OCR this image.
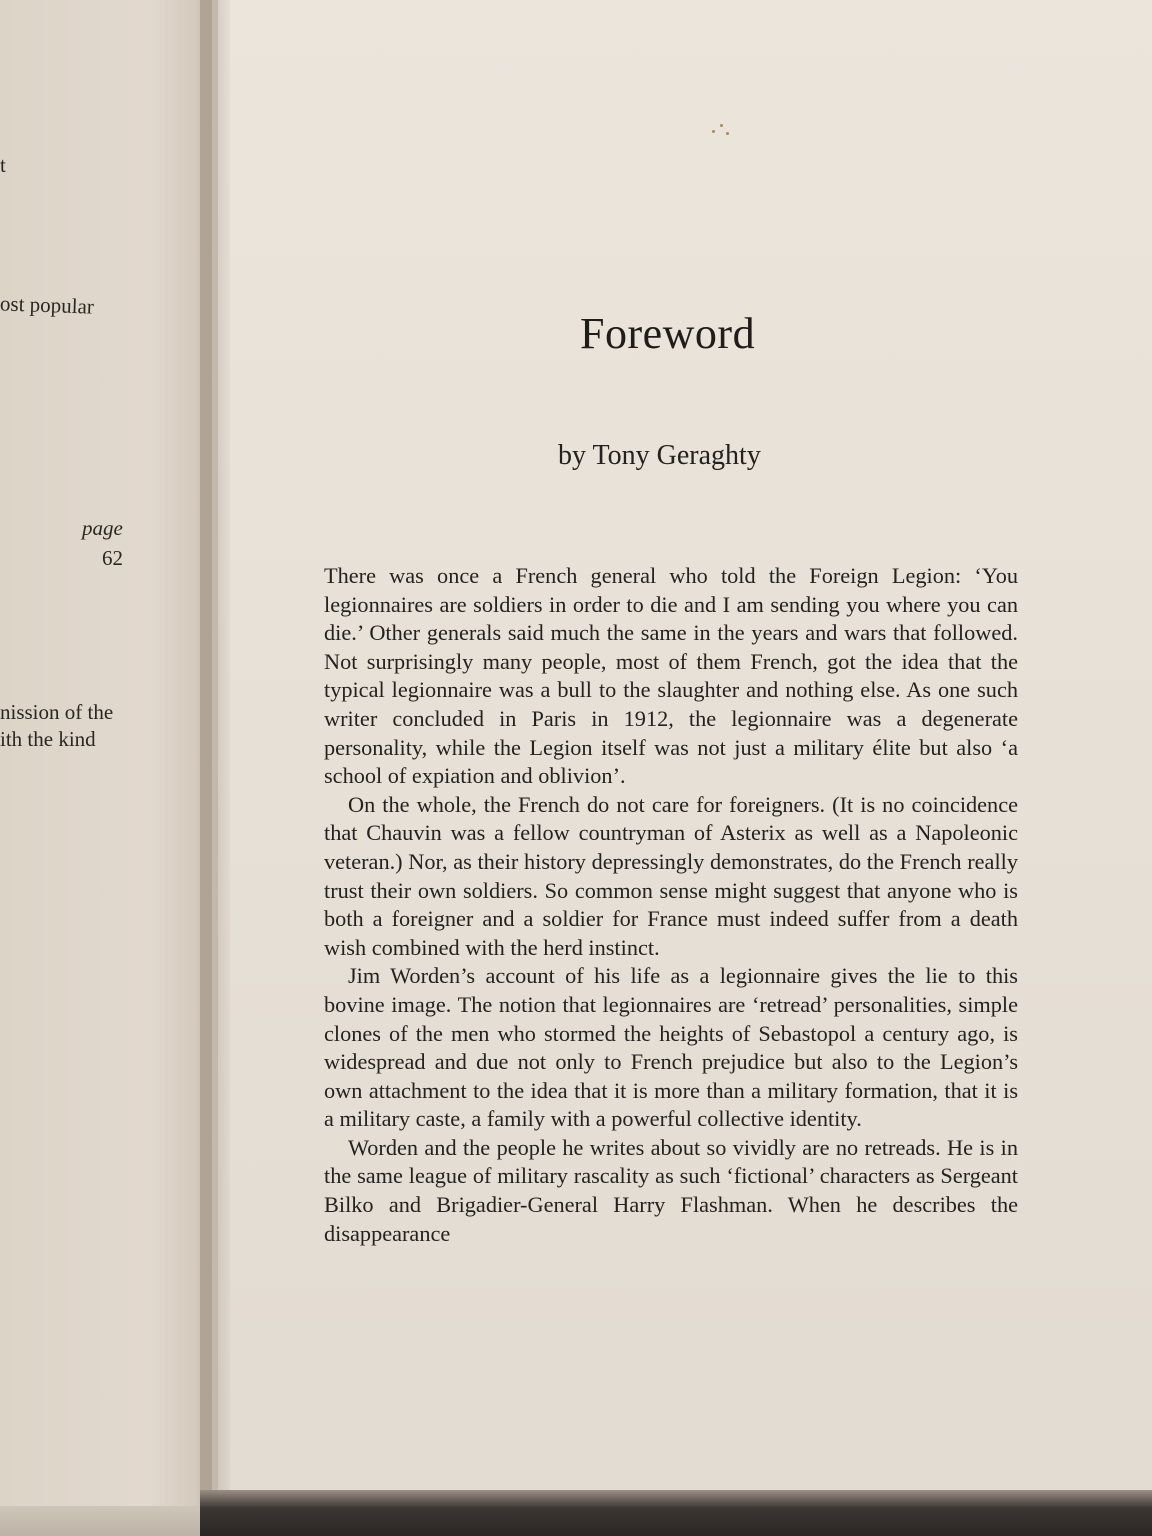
t
ost popular
page
62
nission of the
ith the kind
Foreword
by Tony Geraghty

There was once a French general who told the Foreign Legion: ‘You legionnaires are soldiers in order to die and I am sending you where you can die.’ Other generals said much the same in the years and wars that followed. Not surprisingly many people, most of them French, got the idea that the typical legionnaire was a bull to the slaughter and nothing else. As one such writer concluded in Paris in 1912, the legionnaire was a degenerate personality, while the Legion itself was not just a military élite but also ‘a school of expiation and oblivion’.

On the whole, the French do not care for foreigners. (It is no coincidence that Chauvin was a fellow countryman of Asterix as well as a Napoleonic veteran.) Nor, as their history depressingly demonstrates, do the French really trust their own soldiers. So common sense might suggest that anyone who is both a foreigner and a soldier for France must indeed suffer from a death wish combined with the herd instinct.

Jim Worden’s account of his life as a legionnaire gives the lie to this bovine image. The notion that legionnaires are ‘retread’ personalities, simple clones of the men who stormed the heights of Sebastopol a century ago, is widespread and due not only to French prejudice but also to the Legion’s own attachment to the idea that it is more than a military formation, that it is a military caste, a family with a powerful collective identity.

Worden and the people he writes about so vividly are no retreads. He is in the same league of military rascality as such ‘fictional’ characters as Sergeant Bilko and Brigadier-General Harry Flashman. When he describes the disappearance
